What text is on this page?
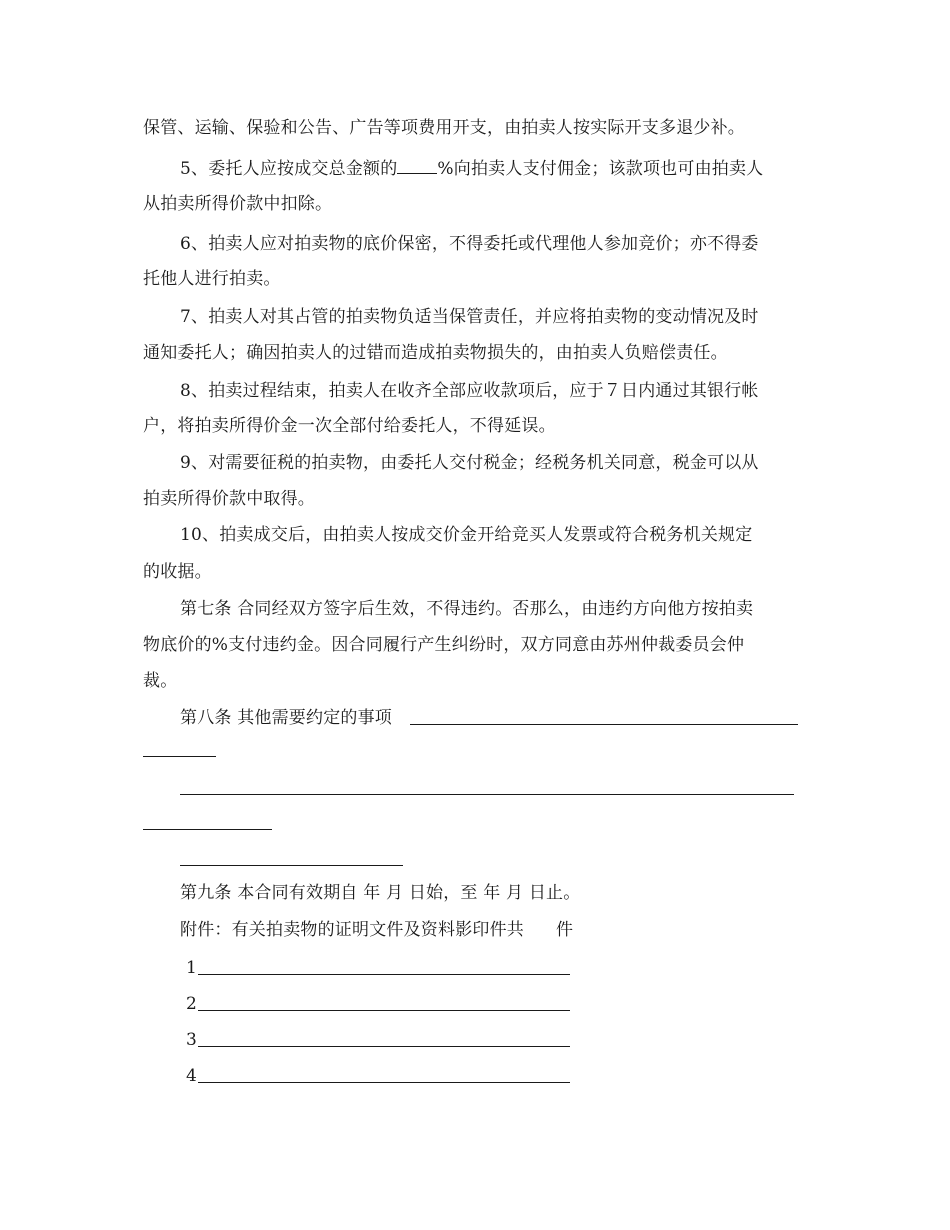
保管、运输、保验和公告、广告等项费用开支，由拍卖人按实际开支多退少补。
5、委托人应按成交总金额的 %向拍卖人支付佣金；该款项也可由拍卖人
从拍卖所得价款中扣除。
6、拍卖人应对拍卖物的底价保密，不得委托或代理他人参加竞价；亦不得委
托他人进行拍卖。
7、拍卖人对其占管的拍卖物负适当保管责任，并应将拍卖物的变动情况及时
通知委托人；确因拍卖人的过错而造成拍卖物损失的，由拍卖人负赔偿责任。
8、拍卖过程结束，拍卖人在收齐全部应收款项后，应于７日内通过其银行帐
户，将拍卖所得价金一次全部付给委托人，不得延误。
9、对需要征税的拍卖物，由委托人交付税金；经税务机关同意，税金可以从
拍卖所得价款中取得。
10、拍卖成交后，由拍卖人按成交价金开给竞买人发票或符合税务机关规定
的收据。
第七条 合同经双方签字后生效，不得违约。否那么，由违约方向他方按拍卖
物底价的%支付违约金。因合同履行产生纠纷时，双方同意由苏州仲裁委员会仲
裁。
第八条 其他需要约定的事项
第九条 本合同有效期自 年 月 日始，至 年 月 日止。
附件：有关拍卖物的证明文件及资料影印件共 件
1
2
3
4
